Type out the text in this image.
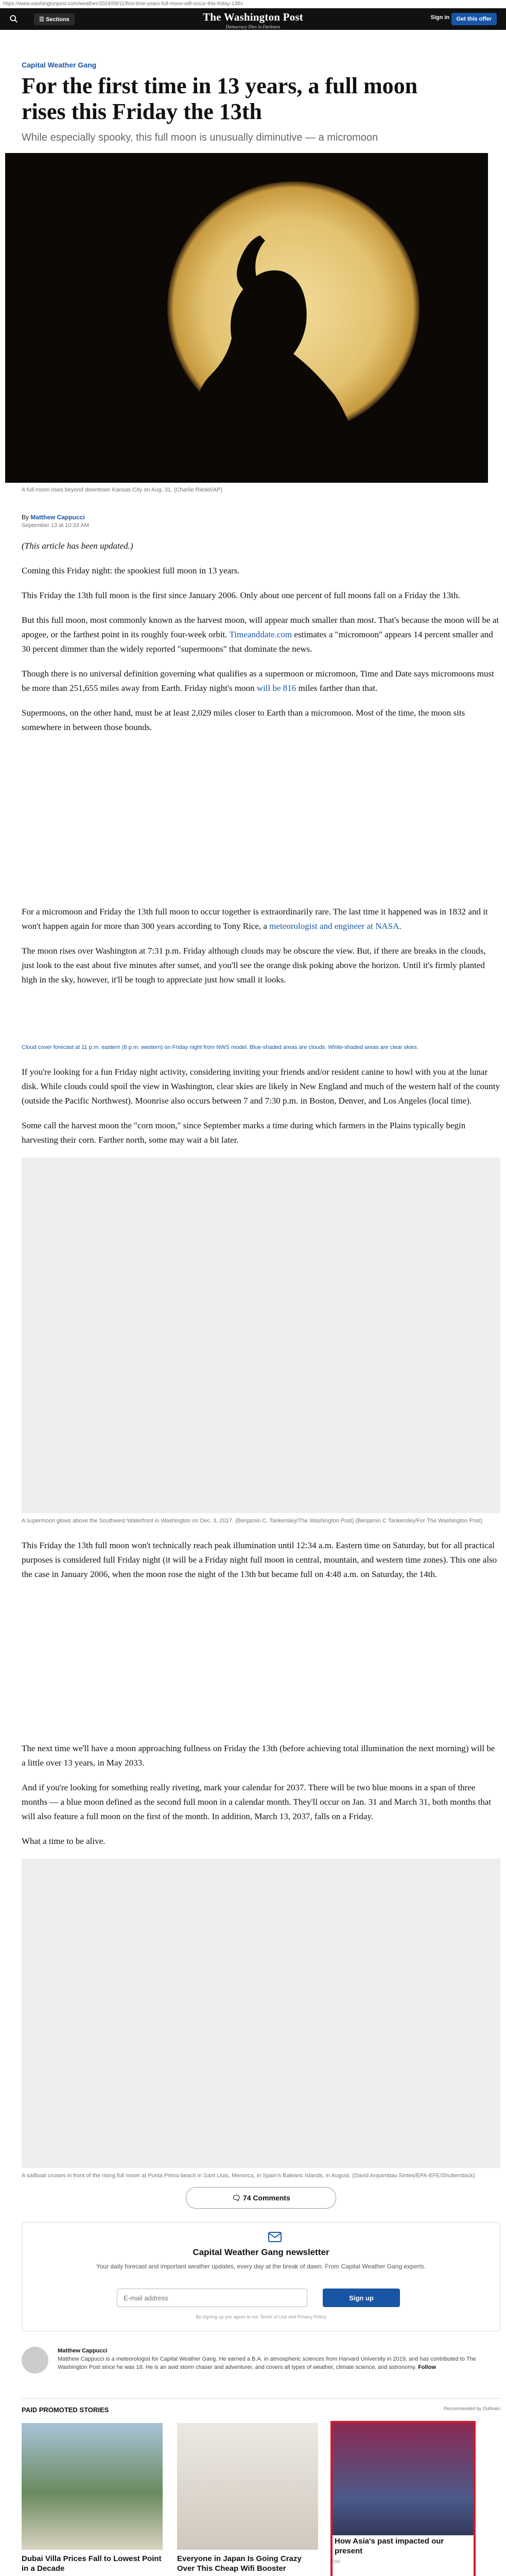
https://www.washingtonpost.com/weather/2024/09/11/first-time-years-full-moon-will-occur-this-friday-13th/
☰ Sections	The Washington Post
Democracy Dies in Darkness
Sign in	Get this offer
Capital Weather Gang
For the first time in 13 years, a full moon rises this Friday the 13th
While especially spooky, this full moon is unusually diminutive — a micromoon
A full moon rises beyond downtown Kansas City on Aug. 31. (Charlie Riedel/AP)
By Matthew Cappucci
September 13 at 10:33 AM

(This article has been updated.)

Coming this Friday night: the spookiest full moon in 13 years.

This Friday the 13th full moon is the first since January 2006. Only about one percent of full moons fall on a Friday the 13th.

But this full moon, most commonly known as the harvest moon, will appear much smaller than most. That's because the moon will be at apogee, or the farthest point in its roughly four-week orbit. Timeanddate.com estimates a "micromoon" appears 14 percent smaller and 30 percent dimmer than the widely reported "supermoons" that dominate the news.

Though there is no universal definition governing what qualifies as a supermoon or micromoon, Time and Date says micromoons must be more than 251,655 miles away from Earth. Friday night's moon will be 816 miles farther than that.

Supermoons, on the other hand, must be at least 2,029 miles closer to Earth than a micromoon. Most of the time, the moon sits somewhere in between those bounds.

For a micromoon and Friday the 13th full moon to occur together is extraordinarily rare. The last time it happened was in 1832 and it won't happen again for more than 300 years according to Tony Rice, a meteorologist and engineer at NASA.

The moon rises over Washington at 7:31 p.m. Friday although clouds may be obscure the view. But, if there are breaks in the clouds, just look to the east about five minutes after sunset, and you'll see the orange disk poking above the horizon. Until it's firmly planted high in the sky, however, it'll be tough to appreciate just how small it looks.

Cloud cover forecast at 11 p.m. eastern (8 p.m. western) on Friday night from NWS model. Blue-shaded areas are clouds. White-shaded areas are clear skies.

If you're looking for a fun Friday night activity, considering inviting your friends and/or resident canine to howl with you at the lunar disk. While clouds could spoil the view in Washington, clear skies are likely in New England and much of the western half of the county (outside the Pacific Northwest). Moonrise also occurs between 7 and 7:30 p.m. in Boston, Denver, and Los Angeles (local time).

Some call the harvest moon the "corn moon," since September marks a time during which farmers in the Plains typically begin harvesting their corn. Farther north, some may wait a bit later.

A supermoon glows above the Southwest Waterfront in Washington on Dec. 3, 2017. (Benjamin C. Tankersley/The Washington Post) (Benjamin C Tankersley/For The Washington Post)

This Friday the 13th full moon won't technically reach peak illumination until 12:34 a.m. Eastern time on Saturday, but for all practical purposes is considered full Friday night (it will be a Friday night full moon in central, mountain, and western time zones). This one also the case in January 2006, when the moon rose the night of the 13th but became full on 4:48 a.m. on Saturday, the 14th.

The next time we'll have a moon approaching fullness on Friday the 13th (before achieving total illumination the next morning) will be a little over 13 years, in May 2033.

And if you're looking for something really riveting, mark your calendar for 2037. There will be two blue moons in a span of three months — a blue moon defined as the second full moon in a calendar month. They'll occur on Jan. 31 and March 31, both months that will also feature a full moon on the first of the month. In addition, March 13, 2037, falls on a Friday.

What a time to be alive.

A sailboat cruises in front of the rising full moon at Punta Prima beach in Sant Lluis, Menorca, in Spain's Balearic Islands, in August. (David Arquimbau Sintes/EPA-EFE/Shutterstock)
🗨 74 Comments
Capital Weather Gang newsletter
Your daily forecast and important weather updates, every day at the break of dawn. From Capital Weather Gang experts.
E-mail address
Sign up
By signing up you agree to our Terms of Use and Privacy Policy
Matthew Cappucci
Matthew Cappucci is a meteorologist for Capital Weather Gang. He earned a B.A. in atmospheric sciences from Harvard University in 2019, and has contributed to The Washington Post since he was 18. He is an avid storm chaser and adventurer, and covers all types of weather, climate science, and astronomy. Follow
PAID PROMOTED STORIES	Recommended by Outbrain
Dubai Villa Prices Fall to Lowest Point in a Decade
Everyone in Japan Is Going Crazy Over This Cheap Wifi Booster
How Asia's past impacted our present
DW
